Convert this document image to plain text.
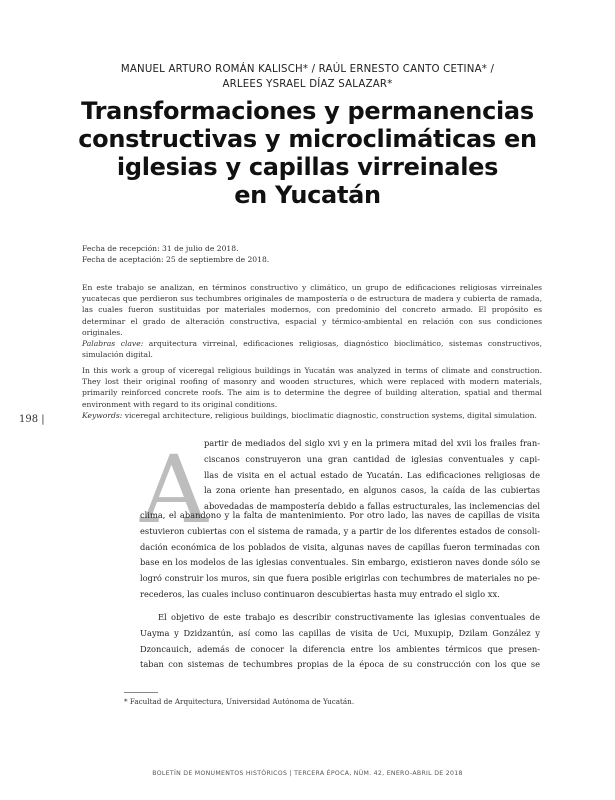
MANUEL ARTURO ROMÁN KALISCH* / RAÚL ERNESTO CANTO CETINA* /
ARLEES YSRAEL DÍAZ SALAZAR*
Transformaciones y permanencias
constructivas y microclimáticas en
iglesias y capillas virreinales
en Yucatán
Fecha de recepción: 31 de julio de 2018.
Fecha de aceptación: 25 de septiembre de 2018.
En este trabajo se analizan, en términos constructivo y climático, un grupo de edificaciones religiosas virreinales yucatecas que perdieron sus techumbres originales de mampostería o de estructura de madera y cubierta de ramada, las cuales fueron sustituidas por materiales modernos, con predominio del concreto armado. El propósito es determinar el grado de alteración constructiva, espacial y térmico-ambiental en relación con sus condiciones originales.
Palabras clave: arquitectura virreinal, edificaciones religiosas, diagnóstico bioclimático, sistemas constructivos, simulación digital.
In this work a group of viceregal religious buildings in Yucatán was analyzed in terms of climate and construction. They lost their original roofing of masonry and wooden structures, which were replaced with modern materials, primarily reinforced concrete roofs. The aim is to determine the degree of building alteration, spatial and thermal environment with regard to its original conditions.
Keywords: viceregal architecture, religious buildings, bioclimatic diagnostic, construction systems, digital simulation.
198 |
A
partir de mediados del siglo xvi y en la primera mitad del xvii los frailes fran-
ciscanos construyeron una gran cantidad de iglesias conventuales y capi-
llas de visita en el actual estado de Yucatán. Las edificaciones religiosas de
la zona oriente han presentado, en algunos casos, la caída de las cubiertas
abovedadas de mampostería debido a fallas estructurales, las inclemencias del
clima, el abandono y la falta de mantenimiento. Por otro lado, las naves de capillas de visita
estuvieron cubiertas con el sistema de ramada, y a partir de los diferentes estados de consoli-
dación económica de los poblados de visita, algunas naves de capillas fueron terminadas con
base en los modelos de las iglesias conventuales. Sin embargo, existieron naves donde sólo se
logró construir los muros, sin que fuera posible erigirlas con techumbres de materiales no pe-
recederos, las cuales incluso continuaron descubiertas hasta muy entrado el siglo xx.
El objetivo de este trabajo es describir constructivamente las iglesias conventuales de
Uayma y Dzidzantún, así como las capillas de visita de Uci, Muxupip, Dzilam González y
Dzoncauich, además de conocer la diferencia entre los ambientes térmicos que presen-
taban con sistemas de techumbres propias de la época de su construcción con los que se
* Facultad de Arquitectura, Universidad Autónoma de Yucatán.
BOLETÍN DE MONUMENTOS HISTÓRICOS | TERCERA ÉPOCA, NÚM. 42, ENERO-ABRIL DE 2018
